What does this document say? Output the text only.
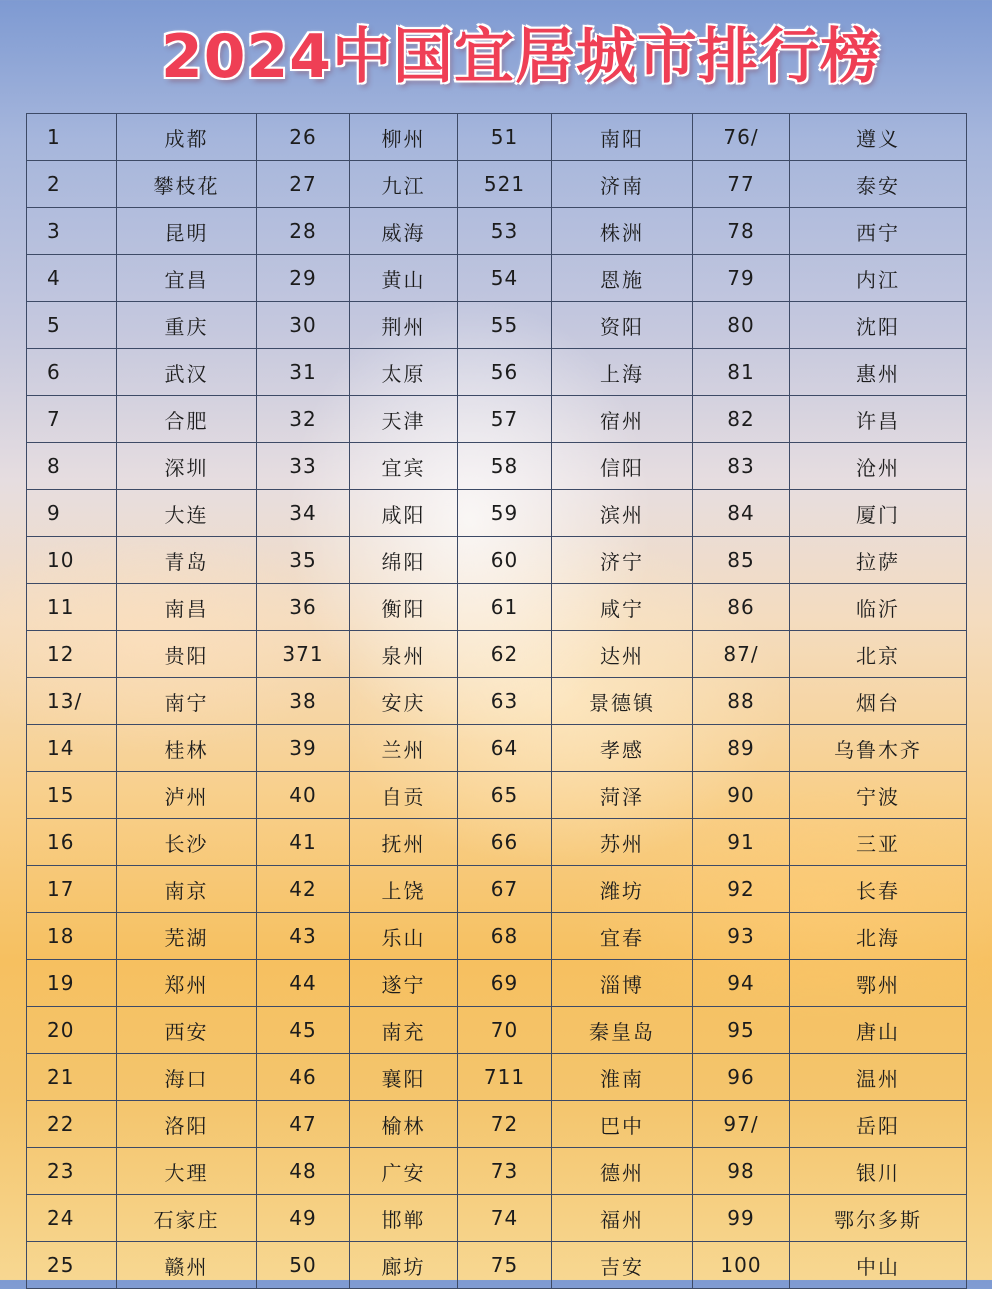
2024中国宜居城市排行榜
1	成都	26	柳州	51	南阳	76/	遵义
2	攀枝花	27	九江	521	济南	77	泰安
3	昆明	28	威海	53	株洲	78	西宁
4	宜昌	29	黄山	54	恩施	79	内江
5	重庆	30	荆州	55	资阳	80	沈阳
6	武汉	31	太原	56	上海	81	惠州
7	合肥	32	天津	57	宿州	82	许昌
8	深圳	33	宜宾	58	信阳	83	沧州
9	大连	34	咸阳	59	滨州	84	厦门
10	青岛	35	绵阳	60	济宁	85	拉萨
11	南昌	36	衡阳	61	咸宁	86	临沂
12	贵阳	371	泉州	62	达州	87/	北京
13/	南宁	38	安庆	63	景德镇	88	烟台
14	桂林	39	兰州	64	孝感	89	乌鲁木齐
15	泸州	40	自贡	65	菏泽	90	宁波
16	长沙	41	抚州	66	苏州	91	三亚
17	南京	42	上饶	67	潍坊	92	长春
18	芜湖	43	乐山	68	宜春	93	北海
19	郑州	44	遂宁	69	淄博	94	鄂州
20	西安	45	南充	70	秦皇岛	95	唐山
21	海口	46	襄阳	711	淮南	96	温州
22	洛阳	47	榆林	72	巴中	97/	岳阳
23	大理	48	广安	73	德州	98	银川
24	石家庄	49	邯郸	74	福州	99	鄂尔多斯
25	赣州	50	廊坊	75	吉安	100	中山
